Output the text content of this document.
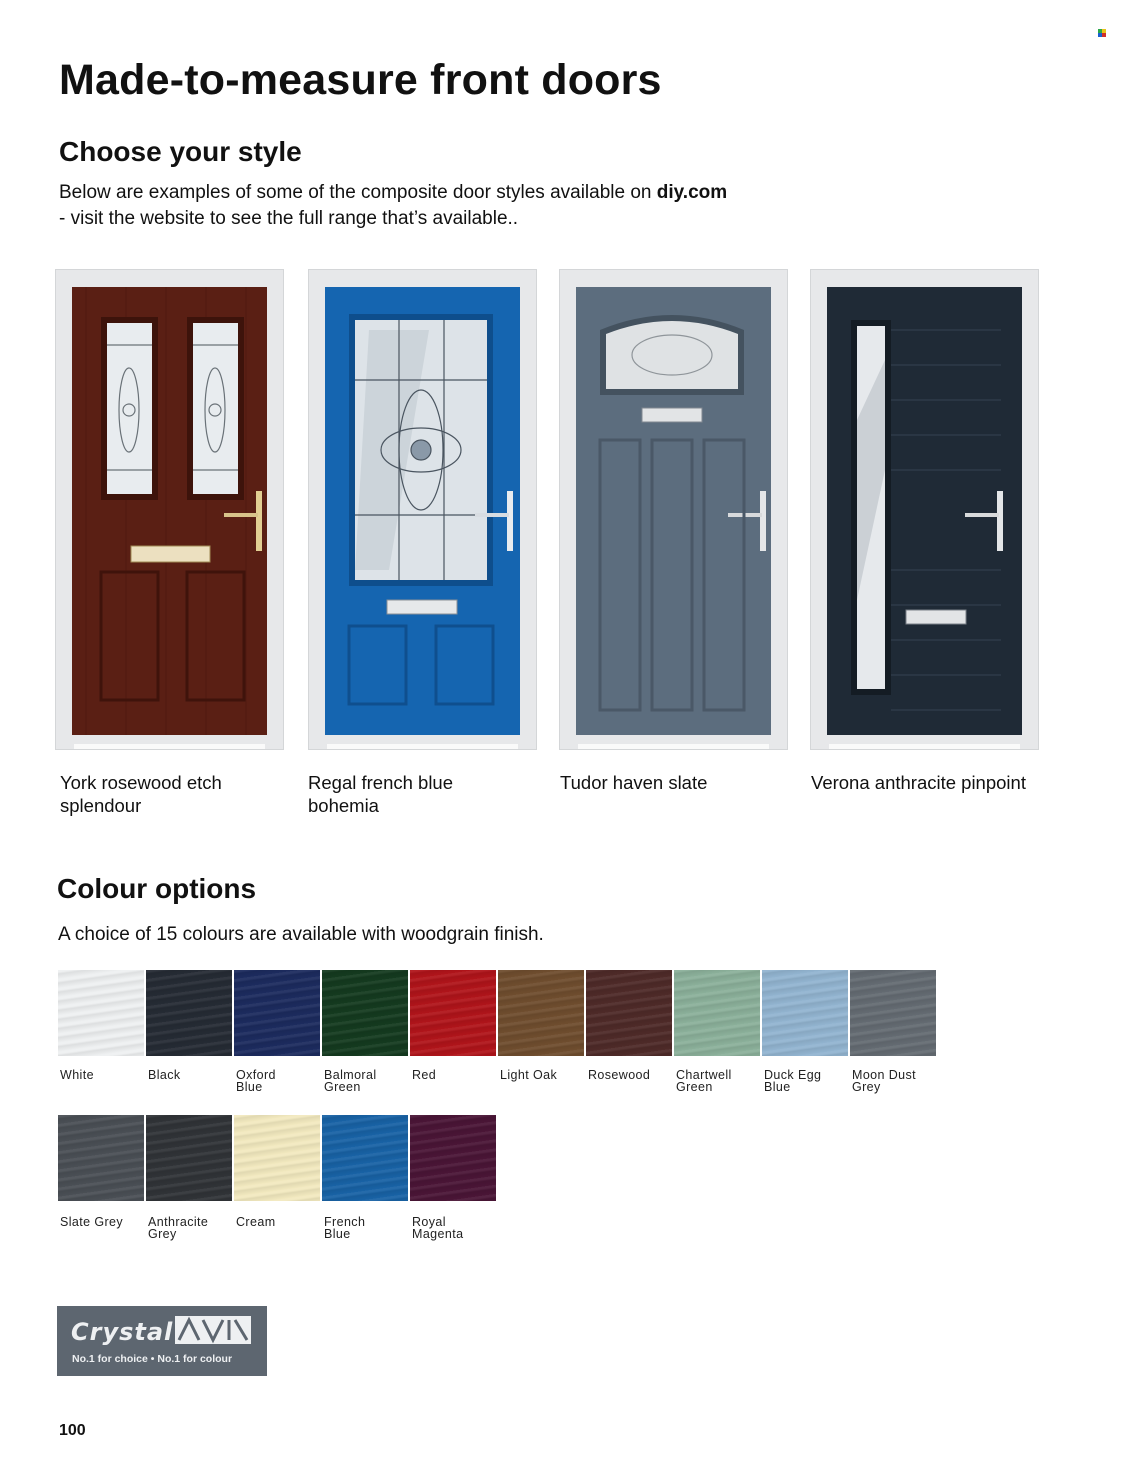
Made-to-measure front doors
Choose your style
Below are examples of some of the composite door styles available on diy.com
- visit the website to see the full range that’s available..
York rosewood etch splendour
Regal french blue bohemia
Tudor haven slate	Verona anthracite pinpoint
Colour options
A choice of 15 colours are available with woodgrain finish.
White	Black	Oxford Blue
Balmoral Green
Red	Light Oak	Rosewood	Chartwell Green
Duck Egg Blue
Moon Dust Grey
Slate Grey	Anthracite Grey
Cream	French Blue
Royal Magenta
Crystal
No.1 for choice • No.1 for colour
100
